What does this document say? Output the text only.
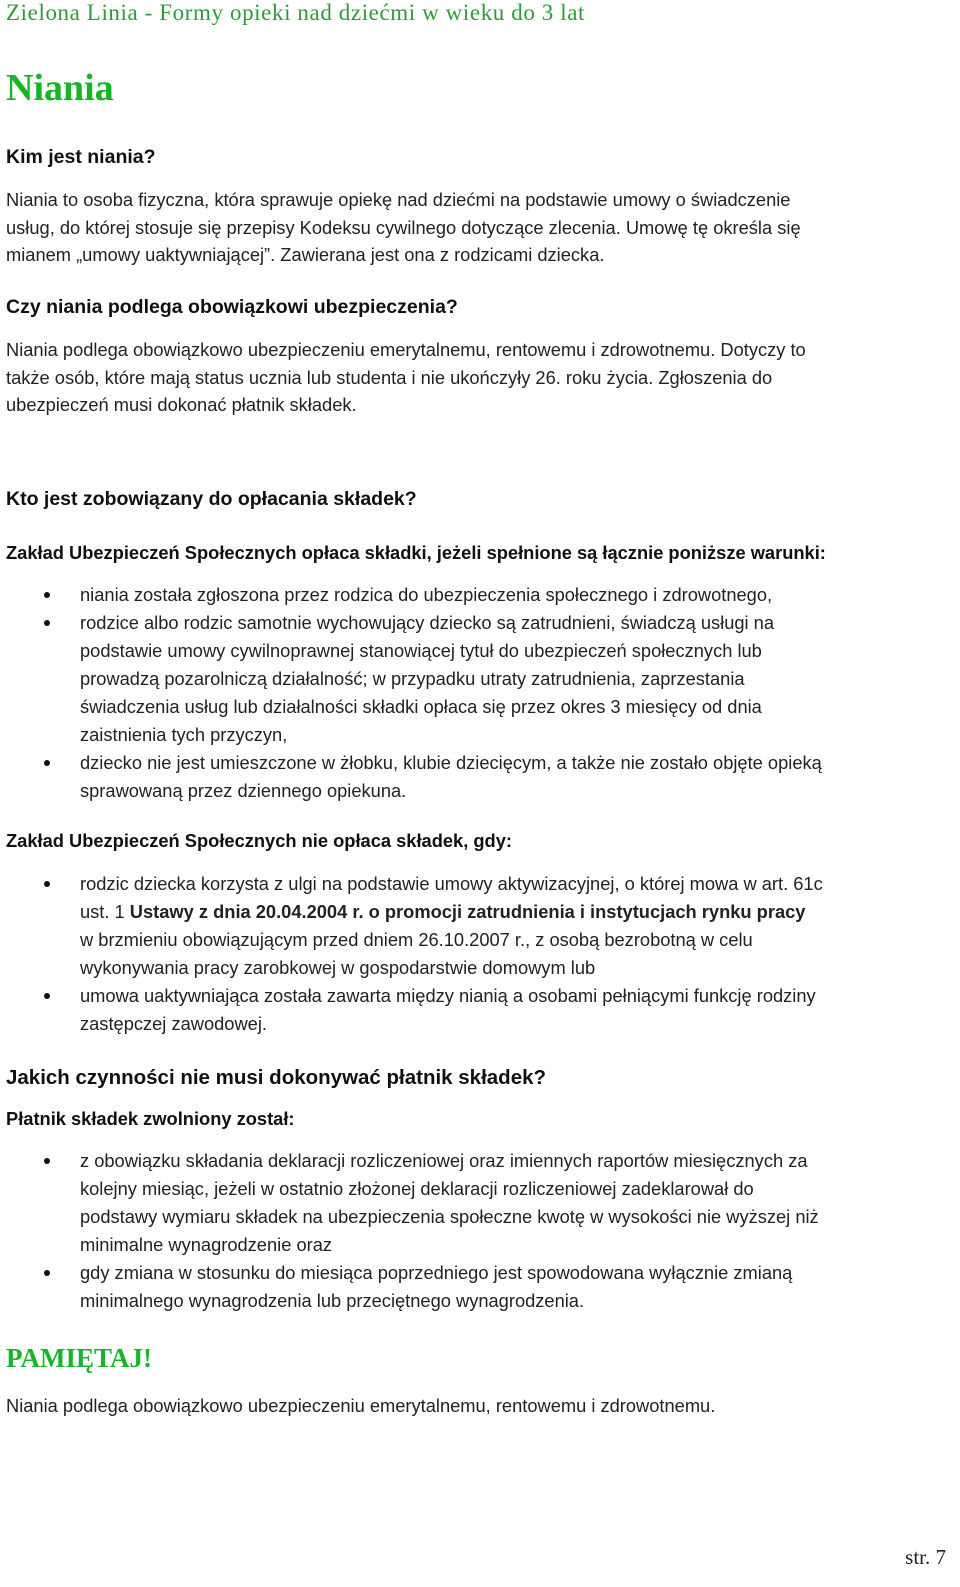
Zielona Linia - Formy opieki nad dziećmi w wieku do 3 lat
Niania
Kim jest niania?
Niania to osoba fizyczna, która sprawuje opiekę nad dziećmi na podstawie umowy o świadczenie
usług, do której stosuje się przepisy Kodeksu cywilnego dotyczące zlecenia. Umowę tę określa się
mianem „umowy uaktywniającej”. Zawierana jest ona z rodzicami dziecka.
Czy niania podlega obowiązkowi ubezpieczenia?
Niania podlega obowiązkowo ubezpieczeniu emerytalnemu, rentowemu i zdrowotnemu. Dotyczy to
także osób, które mają status ucznia lub studenta i nie ukończyły 26. roku życia. Zgłoszenia do
ubezpieczeń musi dokonać płatnik składek.
Kto jest zobowiązany do opłacania składek?
Zakład Ubezpieczeń Społecznych opłaca składki, jeżeli spełnione są łącznie poniższe warunki:
niania została zgłoszona przez rodzica do ubezpieczenia społecznego i zdrowotnego,
rodzice albo rodzic samotnie wychowujący dziecko są zatrudnieni, świadczą usługi na
podstawie umowy cywilnoprawnej stanowiącej tytuł do ubezpieczeń społecznych lub
prowadzą pozarolniczą działalność; w przypadku utraty zatrudnienia, zaprzestania
świadczenia usług lub działalności składki opłaca się przez okres 3 miesięcy od dnia
zaistnienia tych przyczyn,
dziecko nie jest umieszczone w żłobku, klubie dziecięcym, a także nie zostało objęte opieką
sprawowaną przez dziennego opiekuna.
Zakład Ubezpieczeń Społecznych nie opłaca składek, gdy:
rodzic dziecka korzysta z ulgi na podstawie umowy aktywizacyjnej, o której mowa w art. 61c
ust. 1 Ustawy z dnia 20.04.2004 r. o promocji zatrudnienia i instytucjach rynku pracy
w brzmieniu obowiązującym przed dniem 26.10.2007 r., z osobą bezrobotną w celu
wykonywania pracy zarobkowej w gospodarstwie domowym lub
umowa uaktywniająca została zawarta między nianią a osobami pełniącymi funkcję rodziny
zastępczej zawodowej.
Jakich czynności nie musi dokonywać płatnik składek?
Płatnik składek zwolniony został:
z obowiązku składania deklaracji rozliczeniowej oraz imiennych raportów miesięcznych za
kolejny miesiąc, jeżeli w ostatnio złożonej deklaracji rozliczeniowej zadeklarował do
podstawy wymiaru składek na ubezpieczenia społeczne kwotę w wysokości nie wyższej niż
minimalne wynagrodzenie oraz
gdy zmiana w stosunku do miesiąca poprzedniego jest spowodowana wyłącznie zmianą
minimalnego wynagrodzenia lub przeciętnego wynagrodzenia.
PAMIĘTAJ!
Niania podlega obowiązkowo ubezpieczeniu emerytalnemu, rentowemu i zdrowotnemu.
str. 7
